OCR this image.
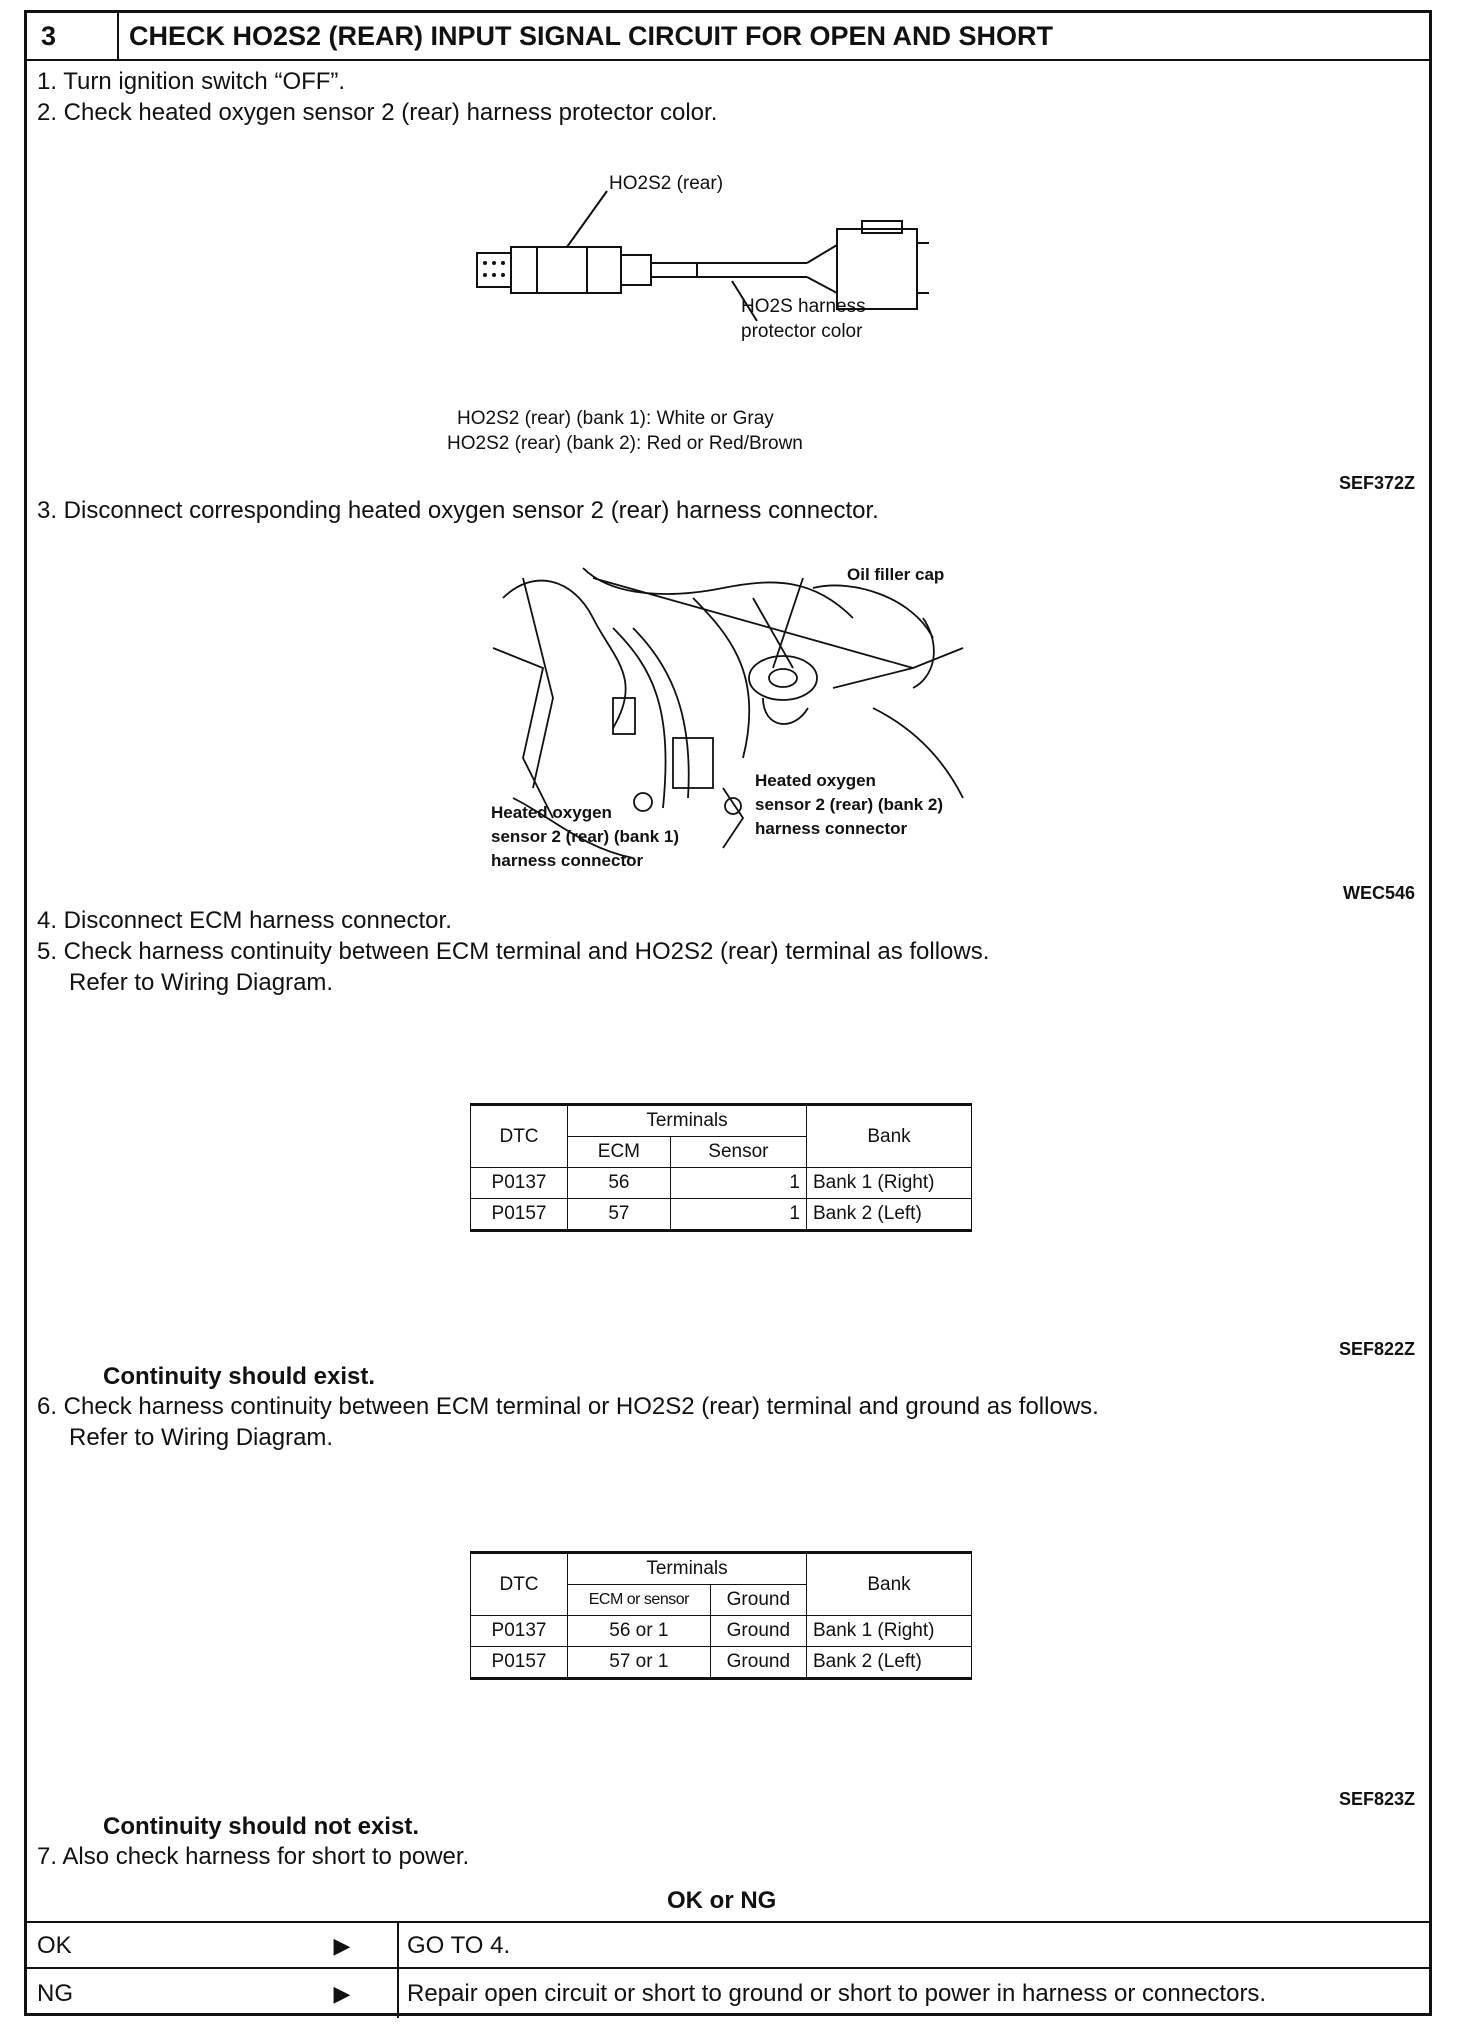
3	CHECK HO2S2 (REAR) INPUT SIGNAL CIRCUIT FOR OPEN AND SHORT
1. Turn ignition switch “OFF”.
2. Check heated oxygen sensor 2 (rear) harness protector color.
HO2S2 (rear)
HO2S harness
protector color
HO2S2 (rear) (bank 1): White or Gray
HO2S2 (rear) (bank 2): Red or Red/Brown
SEF372Z
3. Disconnect corresponding heated oxygen sensor 2 (rear) harness connector.
Oil filler cap
Heated oxygen
sensor 2 (rear) (bank 2)
harness connector
Heated oxygen
sensor 2 (rear) (bank 1)
harness connector
WEC546
4. Disconnect ECM harness connector.
5. Check harness continuity between ECM terminal and HO2S2 (rear) terminal as follows.
Refer to Wiring Diagram.
DTC	Terminals		Bank
	ECM	Sensor	
P0137	56	1	Bank 1 (Right)
P0157	57	1	Bank 2 (Left)
SEF822Z
Continuity should exist.
6. Check harness continuity between ECM terminal or HO2S2 (rear) terminal and ground as follows.
Refer to Wiring Diagram.
DTC	Terminals		Bank
	ECM or sensor	Ground	
P0137	56 or 1	Ground	Bank 1 (Right)
P0157	57 or 1	Ground	Bank 2 (Left)
SEF823Z
Continuity should not exist.
7. Also check harness for short to power.
OK or NG
OK	▶	GO TO 4.
NG	▶	Repair open circuit or short to ground or short to power in harness or connectors.
